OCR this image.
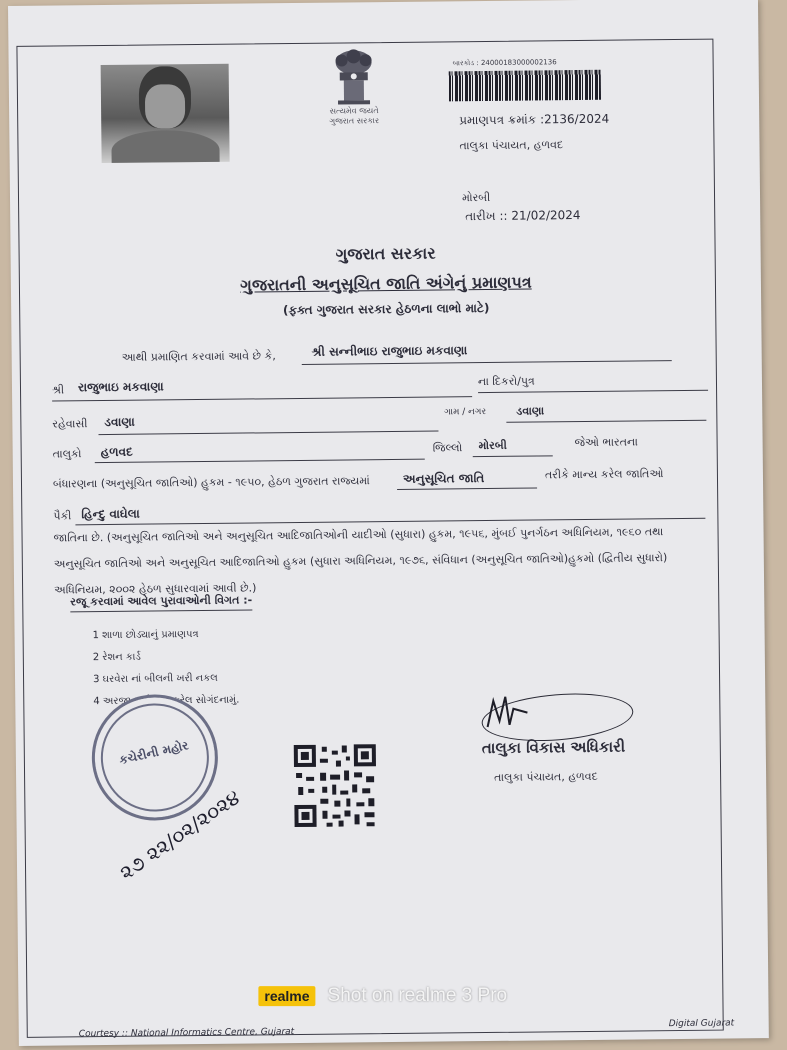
સત્યમેવ જયતે
ગુજરાત સરકાર
બારકોડ : 24000183000002136
પ્રમાણપત્ર ક્રમાંક :2136/2024
તાલુકા પંચાયત, હળવદ
મોરબી
તારીખ :: 21/02/2024
ગુજરાત સરકાર
ગુજરાતની અનુસૂચિત જાતિ અંગેનું પ્રમાણપત્ર
(ફક્ત ગુજરાત સરકાર હેઠળના લાભો માટે)
આથી પ્રમાણિત કરવામાં આવે છે કે,	શ્રી સન્નીભાઇ રાજુભાઇ મકવાણા
શ્રી રાજુભાઇ મકવાણા	ના દિકરો/પુત્ર
રહેવાસી ડવાણા
ગામ / નગર	ડવાણા
તાલુકો હળવદ	જિલ્લો મોરબી	જેઓ ભારતના
બંધારણના (અનુસૂચિત જાતિઓ) હુકમ - ૧૯૫૦, હેઠળ ગુજરાત રાજ્યમાં	અનુસૂચિત જાતિ	તરીકે માન્ય કરેલ જાતિઓ
પૈકી હિન્દુ વાઘેલા
જાતિના છે. (અનુસૂચિત જાતિઓ અને અનુસૂચિત આદિજાતિઓની યાદીઓ (સુધારા) હુકમ, ૧૯૫૬, મુંબઈ પુનર્ગઠન અધિનિયમ, ૧૯૬૦ તથા અનુસૂચિત જાતિઓ અને અનુસૂચિત આદિજાતિઓ હુકમ (સુધારા અધિનિયમ, ૧૯૭૬, સંવિધાન (અનુસૂચિત જાતિઓ)હુકમો (દ્વિતીય સુધારો) અધિનિયમ, ૨૦૦૨ હેઠળ સુધારવામાં આવી છે.)
રજૂ કરવામાં આવેલ પુરાવાઓની વિગત :-
1 શાળા છોડ્યાનું પ્રમાણપત્ર
2 રેશન કાર્ડ
3 ઘરવેરા નાં બીલની ખરી નકલ
4 અરજી સાથે રજૂ કરેલ સોગંદનામું.
કચેરીની મહોર	તાલુકા વિકાસ અધિકારી
તાલુકા પંચાયત, હળવદ
૨૭ ૨૨/૦૨/૨૦૨૪
Courtesy :: National Informatics Centre, Gujarat
Digital Gujarat
realme Shot on realme 3 Pro
